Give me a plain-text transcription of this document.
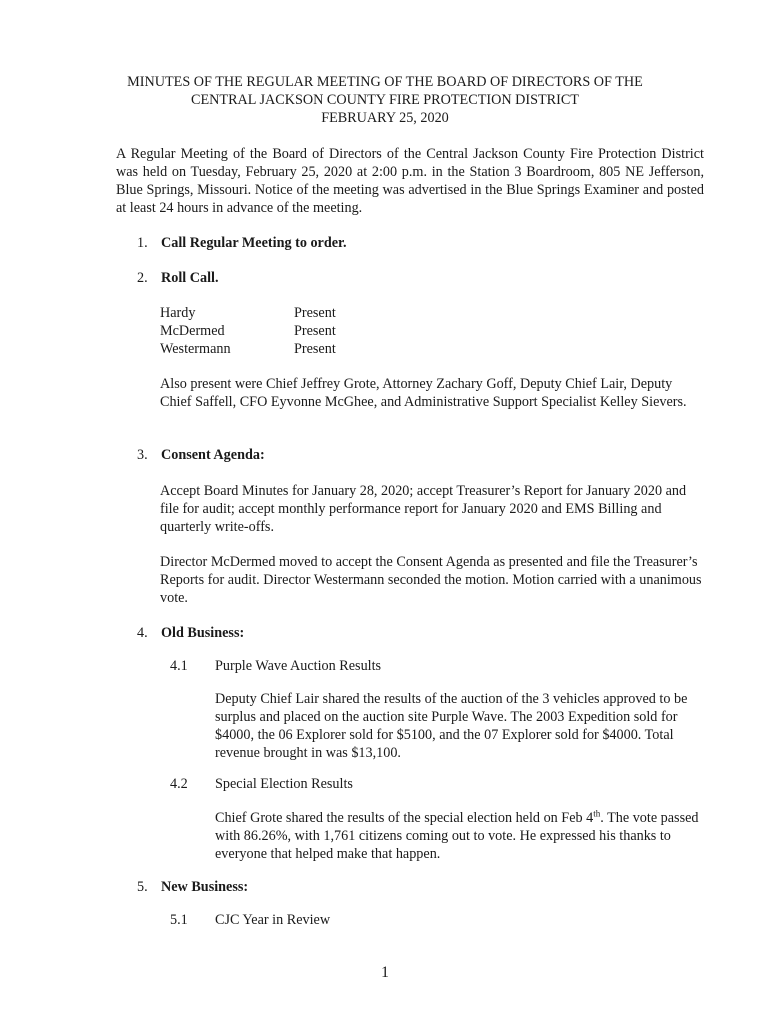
MINUTES OF THE REGULAR MEETING OF THE BOARD OF DIRECTORS OF THE
CENTRAL JACKSON COUNTY FIRE PROTECTION DISTRICT
FEBRUARY 25, 2020
A Regular Meeting of the Board of Directors of the Central Jackson County Fire Protection District was held on Tuesday, February 25, 2020 at 2:00 p.m. in the Station 3 Boardroom, 805 NE Jefferson, Blue Springs, Missouri. Notice of the meeting was advertised in the Blue Springs Examiner and posted at least 24 hours in advance of the meeting.
1. Call Regular Meeting to order.
2. Roll Call.
Hardy	Present
McDermed	Present
Westermann	Present
Also present were Chief Jeffrey Grote, Attorney Zachary Goff, Deputy Chief Lair, Deputy Chief Saffell, CFO Eyvonne McGhee, and Administrative Support Specialist Kelley Sievers.
3. Consent Agenda:
Accept Board Minutes for January 28, 2020; accept Treasurer’s Report for January 2020 and file for audit; accept monthly performance report for January 2020 and EMS Billing and quarterly write-offs.
Director McDermed moved to accept the Consent Agenda as presented and file the Treasurer’s Reports for audit. Director Westermann seconded the motion. Motion carried with a unanimous vote.
4. Old Business:
4.1 Purple Wave Auction Results
Deputy Chief Lair shared the results of the auction of the 3 vehicles approved to be surplus and placed on the auction site Purple Wave. The 2003 Expedition sold for $4000, the 06 Explorer sold for $5100, and the 07 Explorer sold for $4000. Total revenue brought in was $13,100.
4.2 Special Election Results
Chief Grote shared the results of the special election held on Feb 4th. The vote passed with 86.26%, with 1,761 citizens coming out to vote. He expressed his thanks to everyone that helped make that happen.
5. New Business:
5.1 CJC Year in Review
1
